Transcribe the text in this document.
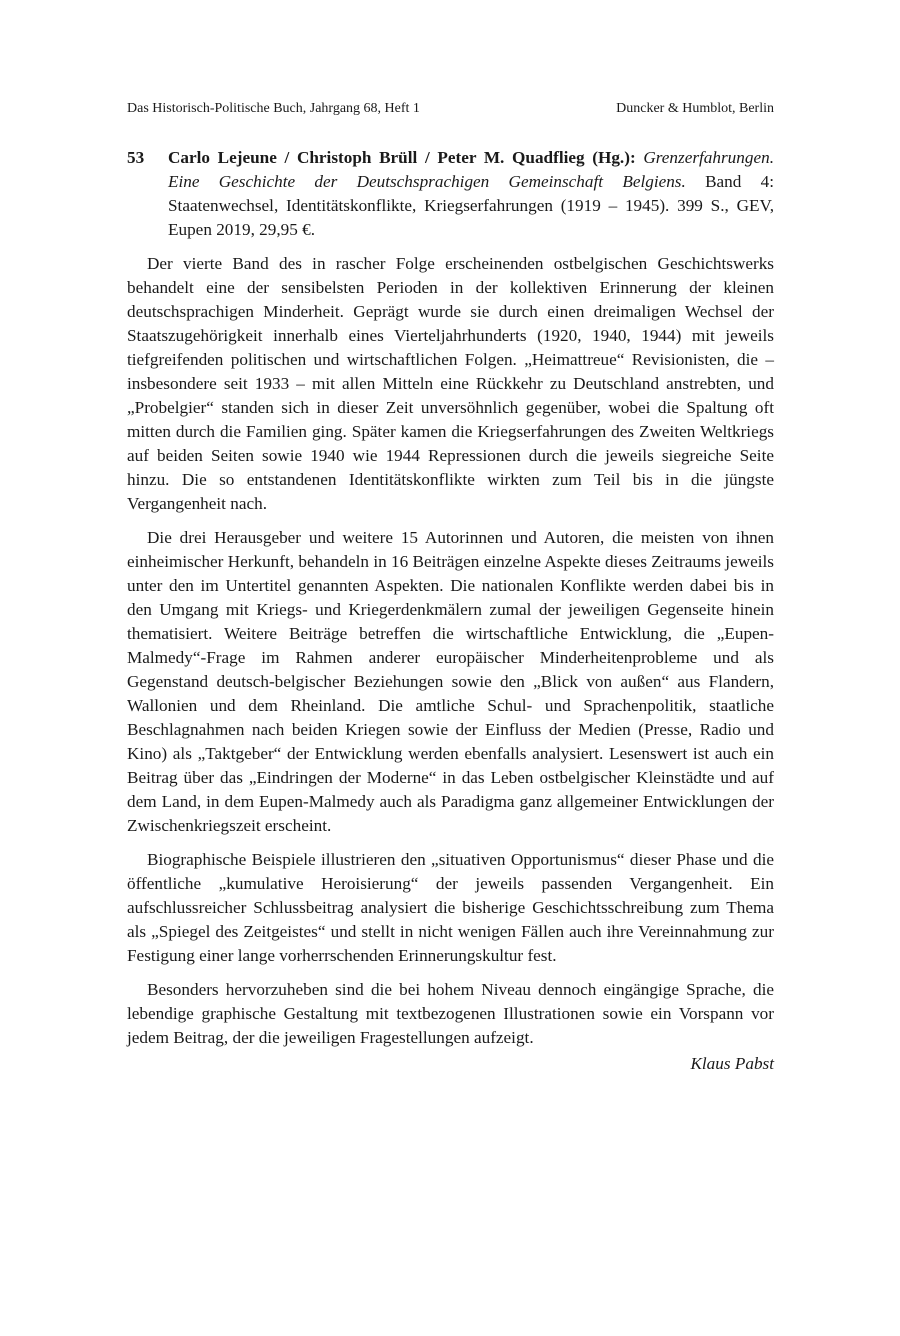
Das Historisch-Politische Buch, Jahrgang 68, Heft 1	Duncker & Humblot, Berlin
53 Carlo Lejeune / Christoph Brüll / Peter M. Quadflieg (Hg.): Grenzerfahrungen. Eine Geschichte der Deutschsprachigen Gemeinschaft Belgiens. Band 4: Staatenwechsel, Identitätskonflikte, Kriegserfahrungen (1919 – 1945). 399 S., GEV, Eupen 2019, 29,95 €.

Der vierte Band des in rascher Folge erscheinenden ostbelgischen Geschichtswerks behandelt eine der sensibelsten Perioden in der kollektiven Erinnerung der kleinen deutschsprachigen Minderheit. Geprägt wurde sie durch einen dreimaligen Wechsel der Staatszugehörigkeit innerhalb eines Vierteljahrhunderts (1920, 1940, 1944) mit jeweils tiefgreifenden politischen und wirtschaftlichen Folgen. „Heimattreue“ Revisionisten, die – insbesondere seit 1933 – mit allen Mitteln eine Rückkehr zu Deutschland anstrebten, und „Probelgier“ standen sich in dieser Zeit unversöhnlich gegenüber, wobei die Spaltung oft mitten durch die Familien ging. Später kamen die Kriegserfahrungen des Zweiten Weltkriegs auf beiden Seiten sowie 1940 wie 1944 Repressionen durch die jeweils siegreiche Seite hinzu. Die so entstandenen Identitätskonflikte wirkten zum Teil bis in die jüngste Vergangenheit nach.

Die drei Herausgeber und weitere 15 Autorinnen und Autoren, die meisten von ihnen einheimischer Herkunft, behandeln in 16 Beiträgen einzelne Aspekte dieses Zeitraums jeweils unter den im Untertitel genannten Aspekten. Die nationalen Konflikte werden dabei bis in den Umgang mit Kriegs- und Kriegerdenkmälern zumal der jeweiligen Gegenseite hinein thematisiert. Weitere Beiträge betreffen die wirtschaftliche Entwicklung, die „Eupen-Malmedy“-Frage im Rahmen anderer europäischer Minderheitenprobleme und als Gegenstand deutsch-belgischer Beziehungen sowie den „Blick von außen“ aus Flandern, Wallonien und dem Rheinland. Die amtliche Schul- und Sprachenpolitik, staatliche Beschlagnahmen nach beiden Kriegen sowie der Einfluss der Medien (Presse, Radio und Kino) als „Taktgeber“ der Entwicklung werden ebenfalls analysiert. Lesenswert ist auch ein Beitrag über das „Eindringen der Moderne“ in das Leben ostbelgischer Kleinstädte und auf dem Land, in dem Eupen-Malmedy auch als Paradigma ganz allgemeiner Entwicklungen der Zwischenkriegszeit erscheint.

Biographische Beispiele illustrieren den „situativen Opportunismus“ dieser Phase und die öffentliche „kumulative Heroisierung“ der jeweils passenden Vergangenheit. Ein aufschlussreicher Schlussbeitrag analysiert die bisherige Geschichtsschreibung zum Thema als „Spiegel des Zeitgeistes“ und stellt in nicht wenigen Fällen auch ihre Vereinnahmung zur Festigung einer lange vorherrschenden Erinnerungskultur fest.

Besonders hervorzuheben sind die bei hohem Niveau dennoch eingängige Sprache, die lebendige graphische Gestaltung mit textbezogenen Illustrationen sowie ein Vorspann vor jedem Beitrag, der die jeweiligen Fragestellungen aufzeigt.

Klaus Pabst
